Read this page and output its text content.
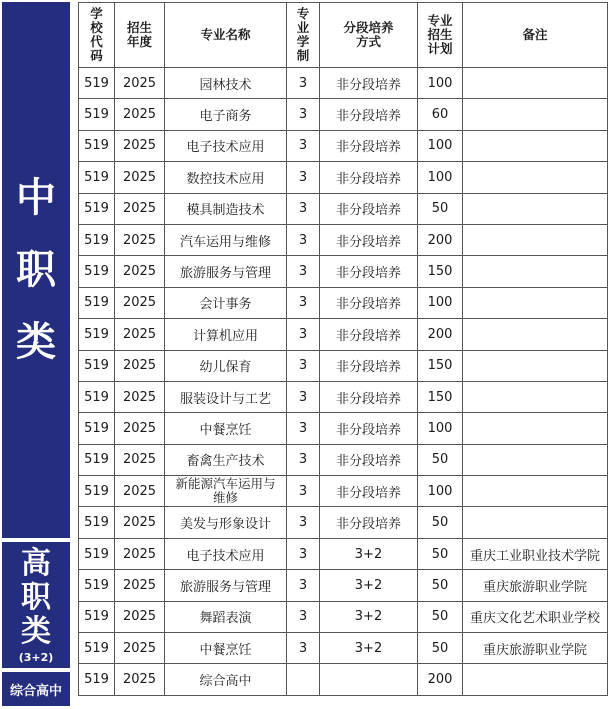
中
职
类
高
职
类
(3+2)
综合高中
学校代码	招生年度	专业名称	专业学制	分段培养方式	专业招生计划	备注
519	2025	园林技术	3	非分段培养	100	
519	2025	电子商务	3	非分段培养	60	
519	2025	电子技术应用	3	非分段培养	100	
519	2025	数控技术应用	3	非分段培养	100	
519	2025	模具制造技术	3	非分段培养	50	
519	2025	汽车运用与维修	3	非分段培养	200	
519	2025	旅游服务与管理	3	非分段培养	150	
519	2025	会计事务	3	非分段培养	100	
519	2025	计算机应用	3	非分段培养	200	
519	2025	幼儿保育	3	非分段培养	150	
519	2025	服装设计与工艺	3	非分段培养	150	
519	2025	中餐烹饪	3	非分段培养	100	
519	2025	畜禽生产技术	3	非分段培养	50	
519	2025	新能源汽车运用与维修	3	非分段培养	100	
519	2025	美发与形象设计	3	非分段培养	50	
519	2025	电子技术应用	3	3+2	50	重庆工业职业技术学院
519	2025	旅游服务与管理	3	3+2	50	重庆旅游职业学院
519	2025	舞蹈表演	3	3+2	50	重庆文化艺术职业学校
519	2025	中餐烹饪	3	3+2	50	重庆旅游职业学院
519	2025	综合高中			200	
